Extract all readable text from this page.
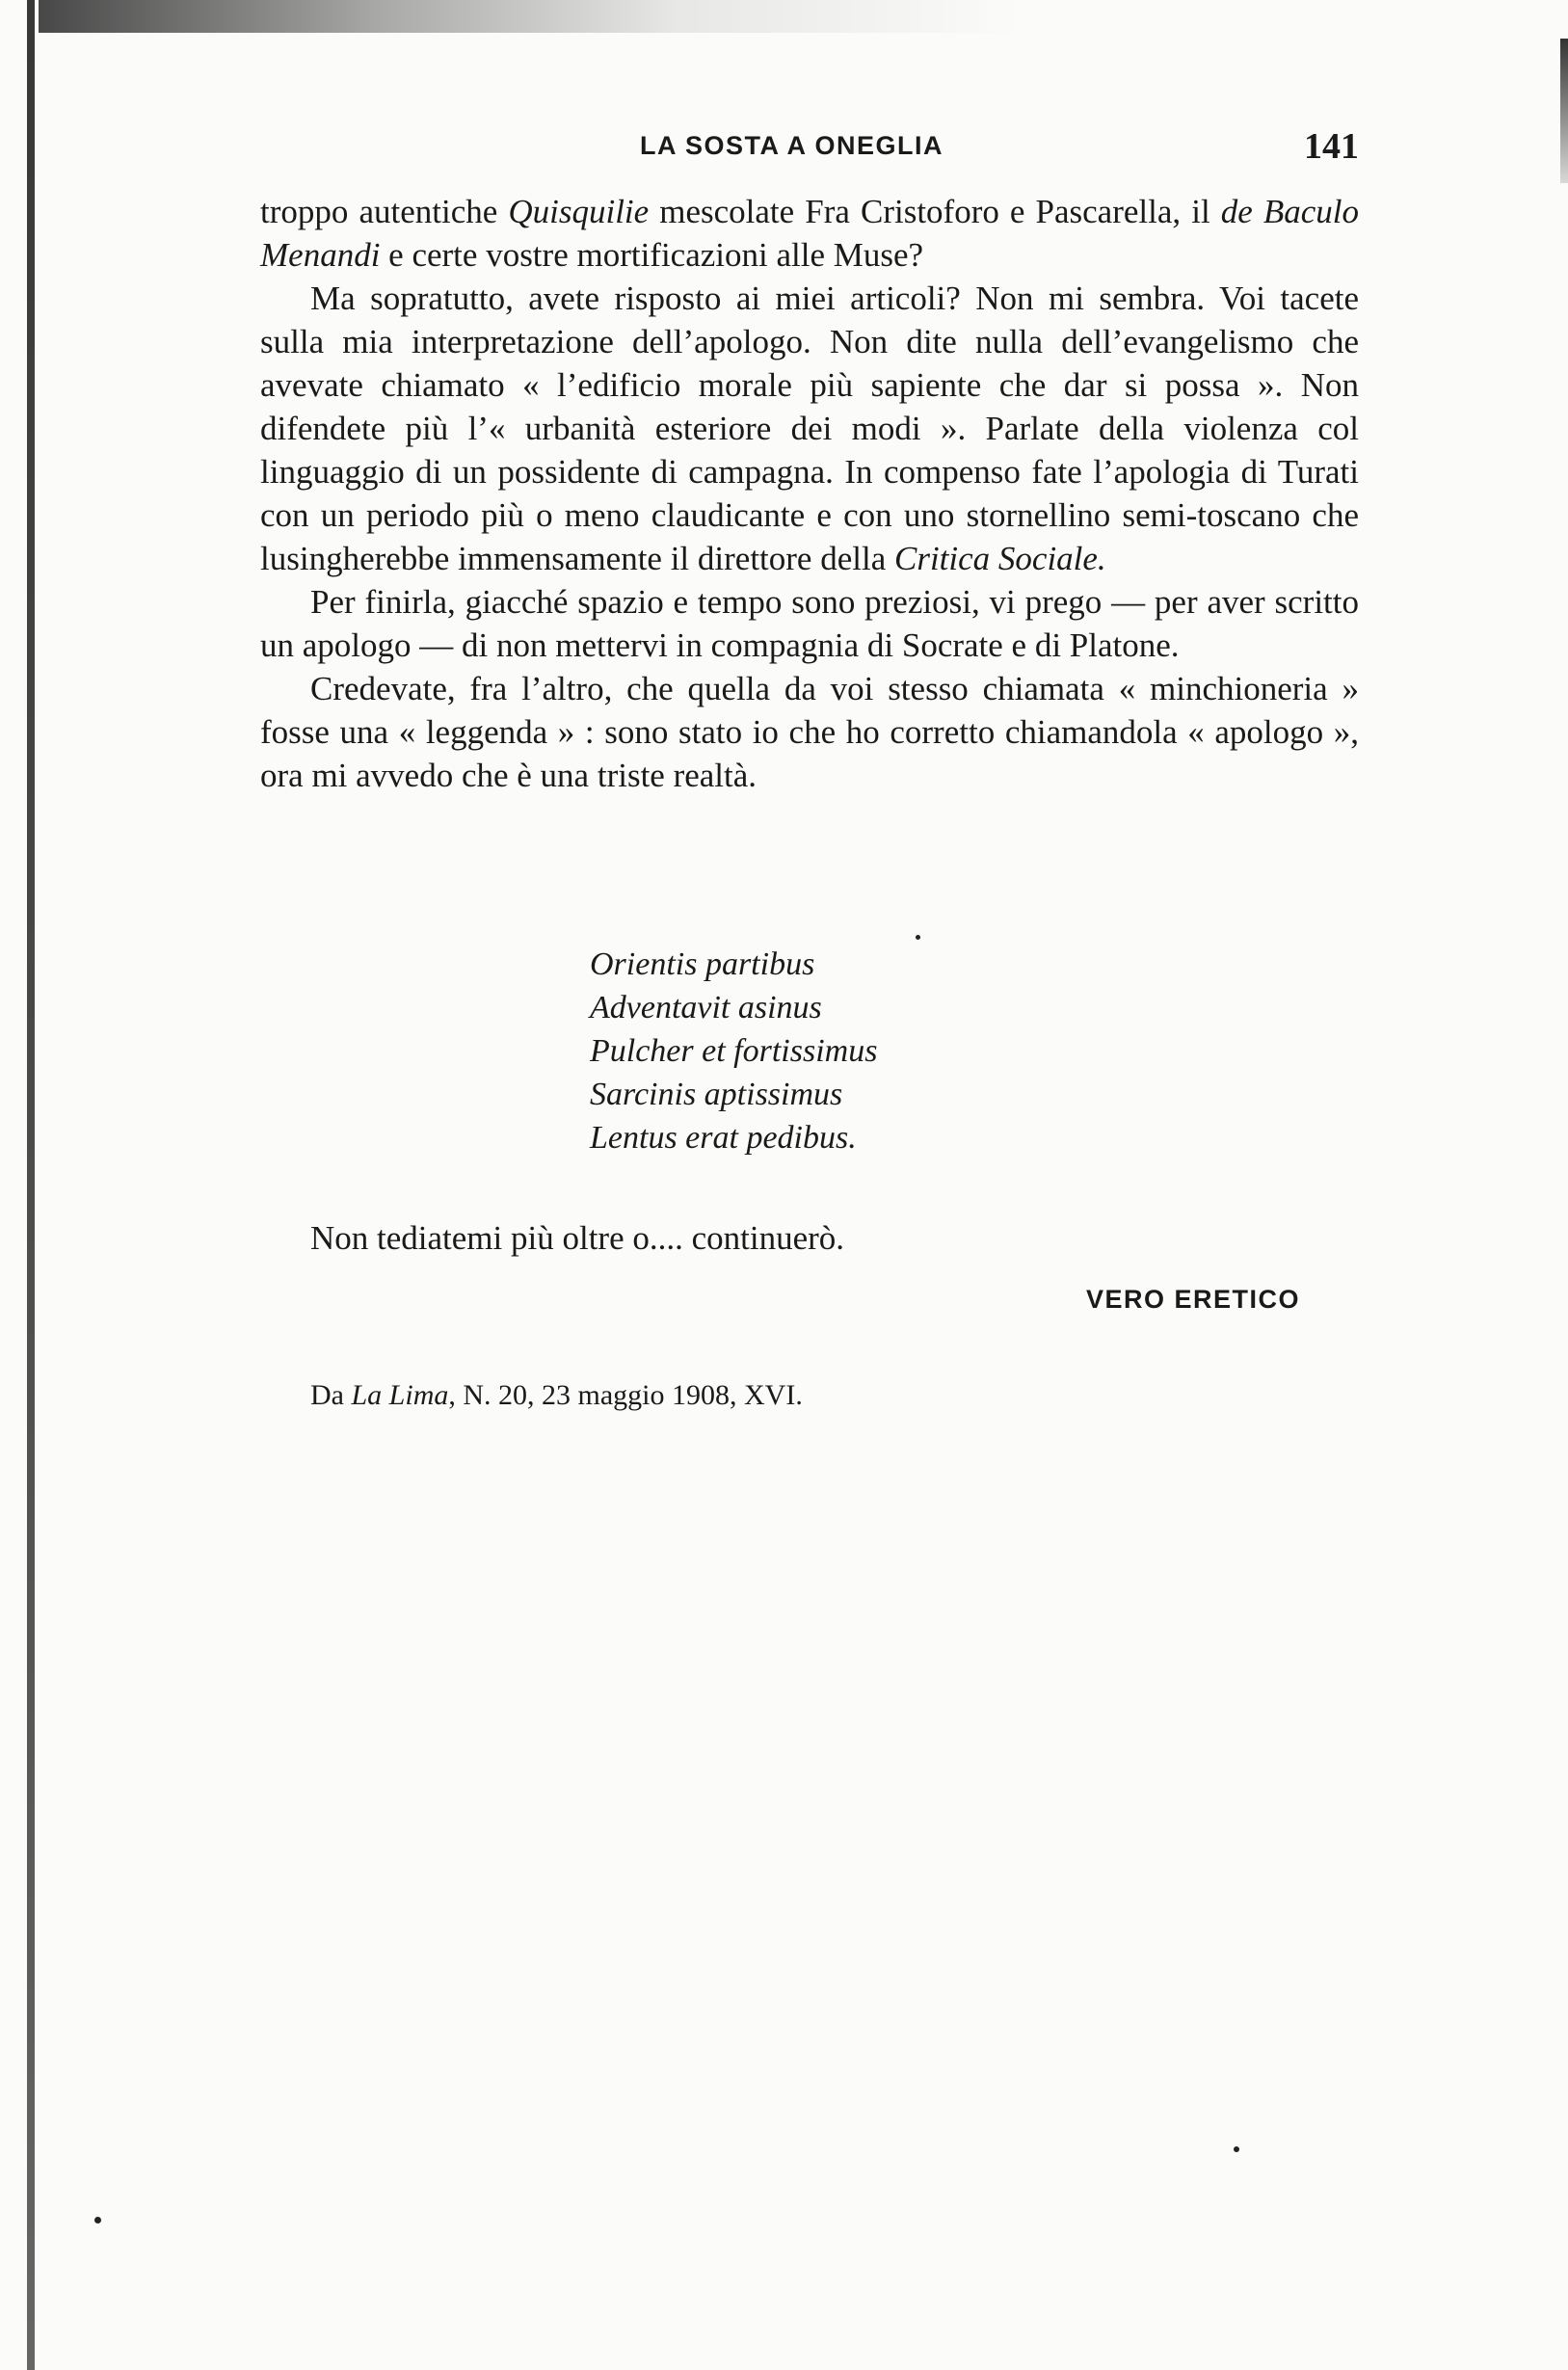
LA SOSTA A ONEGLIA	141

troppo autentiche Quisquilie mescolate Fra Cristoforo e Pascarella, il de Baculo Menandi e certe vostre mortificazioni alle Muse?

Ma sopratutto, avete risposto ai miei articoli? Non mi sembra. Voi tacete sulla mia interpretazione dell’apologo. Non dite nulla dell’evangelismo che avevate chiamato « l’edificio morale più sapiente che dar si possa ». Non difendete più l’« urbanità esteriore dei modi ». Parlate della violenza col linguaggio di un possidente di campagna. In compenso fate l’apologia di Turati con un periodo più o meno claudicante e con uno stornellino semi-toscano che lusingherebbe immensamente il direttore della Critica Sociale.

Per finirla, giacché spazio e tempo sono preziosi, vi prego — per aver scritto un apologo — di non mettervi in compagnia di Socrate e di Platone.

Credevate, fra l’altro, che quella da voi stesso chiamata « minchioneria » fosse una « leggenda » : sono stato io che ho corretto chiamandola « apologo », ora mi avvedo che è una triste realtà.

Orientis partibus
Adventavit asinus
Pulcher et fortissimus
Sarcinis aptissimus
Lentus erat pedibus.
Non tediatemi più oltre o.... continuerò.
VERO ERETICO
Da La Lima, N. 20, 23 maggio 1908, XVI.
